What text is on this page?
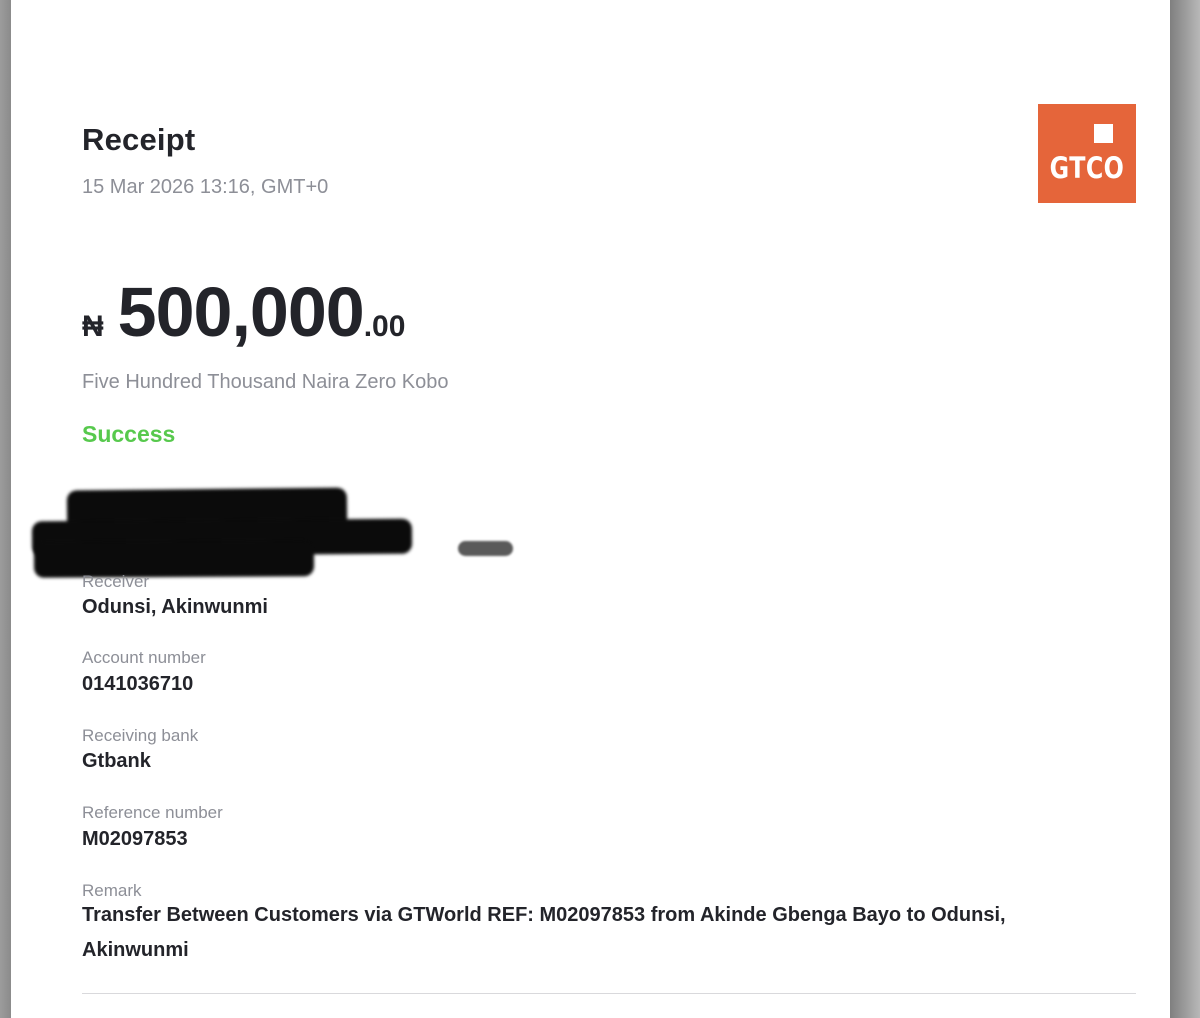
Receipt
15 Mar 2026 13:16, GMT+0
GTCO
₦ 500,000.00
Five Hundred Thousand Naira Zero Kobo
Success
Receiver
Odunsi, Akinwunmi
Account number
0141036710
Receiving bank
Gtbank
Reference number
M02097853
Remark
Transfer Between Customers via GTWorld REF: M02097853 from Akinde Gbenga Bayo to Odunsi, Akinwunmi
